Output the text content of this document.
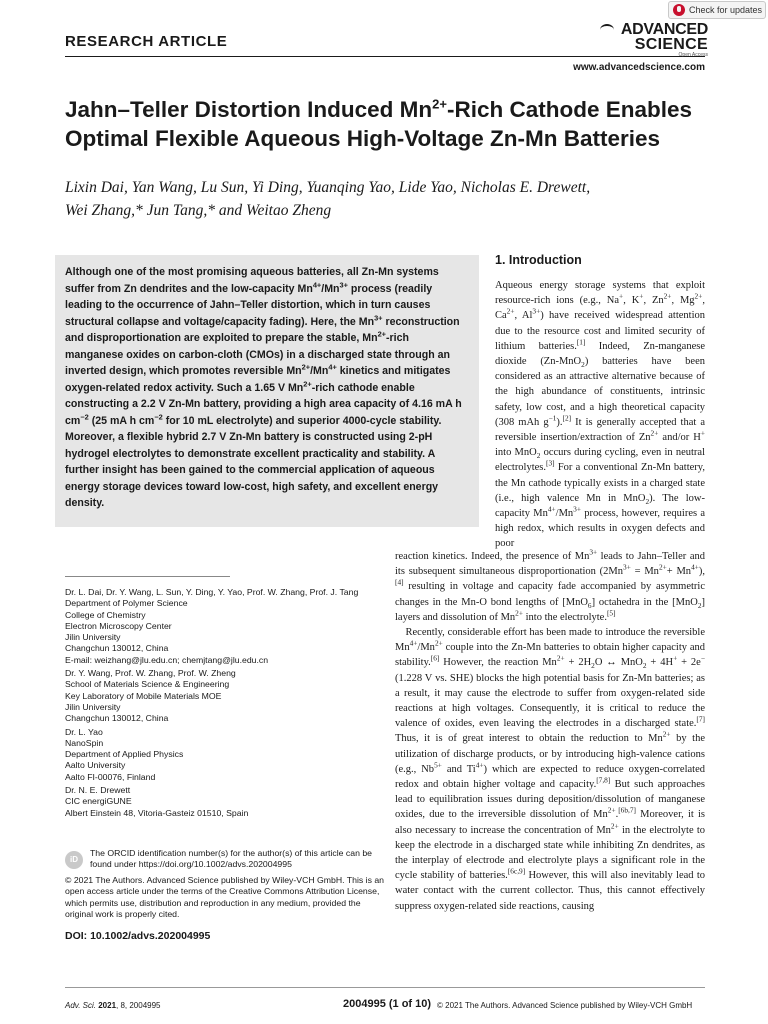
Check for updates
RESEARCH ARTICLE
ADVANCED
SCIENCE
Open Access
www.advancedscience.com
Jahn–Teller Distortion Induced $Mn^{2+}$-Rich Cathode Enables
Optimal Flexible Aqueous High-Voltage Zn-Mn Batteries
Lixin Dai, Yan Wang, Lu Sun, Yi Ding, Yuanqing Yao, Lide Yao, Nicholas E. Drewett,
Wei Zhang,* Jun Tang,* and Weitao Zheng
Although one of the most promising aqueous batteries, all Zn-Mn systems suffer from Zn dendrites and the low-capacity $Mn^{4+}/Mn^{3+}$ process (readily leading to the occurrence of Jahn–Teller distortion, which in turn causes structural collapse and voltage/capacity fading). Here, the $Mn^{3+}$ reconstruction and disproportionation are exploited to prepare the stable, $Mn^{2+}$-rich manganese oxides on carbon-cloth (CMOs) in a discharged state through an inverted design, which promotes reversible $Mn^{2+}/Mn^{4+}$ kinetics and mitigates oxygen-related redox activity. Such a 1.65 V $Mn^{2+}$-rich cathode enable constructing a 2.2 V Zn-Mn battery, providing a high area capacity of 4.16 mA h $cm^{-2}$ (25 mA h $cm^{-2}$ for 10 mL electrolyte) and superior 4000-cycle stability. Moreover, a flexible hybrid 2.7 V Zn-Mn battery is constructed using 2-pH hydrogel electrolytes to demonstrate excellent practicality and stability. A further insight has been gained to the commercial application of aqueous energy storage devices toward low-cost, high safety, and excellent energy density.
1. Introduction
Aqueous energy storage systems that exploit resource-rich ions (e.g., Na+, K+, $Zn^{2+}$, $Mg^{2+}$, $Ca^{2+}$, $Al^{3+}$) have received widespread attention due to the resource cost and limited security of lithium batteries.[1] Indeed, Zn-manganese dioxide (Zn-MnO$_2$) batteries have been considered as an attractive alternative because of the high abundance of constituents, intrinsic safety, low cost, and a high theoretical capacity (308 mAh $g^{-1}).[2]$ It is generally accepted that a reversible insertion/extraction of $Zn^{2+}$ and/or H+ into MnO$_2$ occurs during cycling, even in neutral electrolytes.[3] For a conventional Zn-Mn battery, the Mn cathode typically exists in a charged state (i.e., high valence Mn in MnO$_2$). The low-capacity $Mn^{4+}/Mn^{3+}$ process, however, requires a high redox, which results in oxygen defects and poor
reaction kinetics. Indeed, the presence of $Mn^{3+}$ leads to Jahn–Teller and its subsequent simultaneous disproportionation $(2Mn^{3+} = Mn^{2+}+ Mn^{4+}),[4]$ resulting in voltage and capacity fade accompanied by asymmetric changes in the Mn-O bond lengths of [MnO$_6$] octahedra in the [MnO$_2$] layers and dissolution of $Mn^{2+}$ into the electrolyte.[5]
 Recently, considerable effort has been made to introduce the reversible $Mn^{4+}/Mn^{2+}$ couple into the Zn-Mn batteries to obtain higher capacity and stability.[6] However, the reaction $Mn^{2+} + 2H_2O$ ↔ MnO$_2$ + 4H+ + 2e− (1.228 V vs. SHE) blocks the high potential basis for Zn-Mn batteries; as a result, it may cause the electrode to suffer from oxygen-related side reactions at high voltages. Consequently, it is critical to reduce the valence of oxides, even leaving the electrodes in a discharged state.[7] Thus, it is of great interest to obtain the reduction to $Mn^{2+}$ by the utilization of discharge products, or by introducing high-valence cations (e.g., $Nb^{5+}$ and $Ti^{4+}$) which are expected to reduce oxygen-correlated redox and obtain higher voltage and capacity.[7,8] But such approaches lead to equilibration issues during deposition/dissolution of manganese oxides, due to the irreversible dissolution of $Mn^{2+}.[6b,7]$ Moreover, it is also necessary to increase the concentration of $Mn^{2+}$ in the electrolyte to keep the electrode in a discharged state while inhibiting Zn dendrites, as the interplay of electrode and electrolyte plays a significant role in the cycle stability of batteries.[6c,9] However, this will also inevitably lead to water contact with the current collector. Thus, this cannot effectively suppress oxygen-related side reactions, causing
Dr. L. Dai, Dr. Y. Wang, L. Sun, Y. Ding, Y. Yao, Prof. W. Zhang, Prof. J. Tang
Department of Polymer Science
College of Chemistry
Electron Microscopy Center
Jilin University
Changchun 130012, China
E-mail: weizhang@jlu.edu.cn; chemjtang@jlu.edu.cn
Dr. Y. Wang, Prof. W. Zhang, Prof. W. Zheng
School of Materials Science & Engineering
Key Laboratory of Mobile Materials MOE
Jilin University
Changchun 130012, China
Dr. L. Yao
NanoSpin
Department of Applied Physics
Aalto University
Aalto FI-00076, Finland
Dr. N. E. Drewett
CIC energiGUNE
Albert Einstein 48, Vitoria-Gasteiz 01510, Spain
iD
The ORCID identification number(s) for the author(s) of this article can be found under https://doi.org/10.1002/advs.202004995
© 2021 The Authors. Advanced Science published by Wiley-VCH GmbH. This is an open access article under the terms of the Creative Commons Attribution License, which permits use, distribution and reproduction in any medium, provided the original work is properly cited.
DOI: 10.1002/advs.202004995
Adv. Sci. 2021, 8, 2004995	2004995 (1 of 10) © 2021 The Authors. Advanced Science published by Wiley-VCH GmbH
